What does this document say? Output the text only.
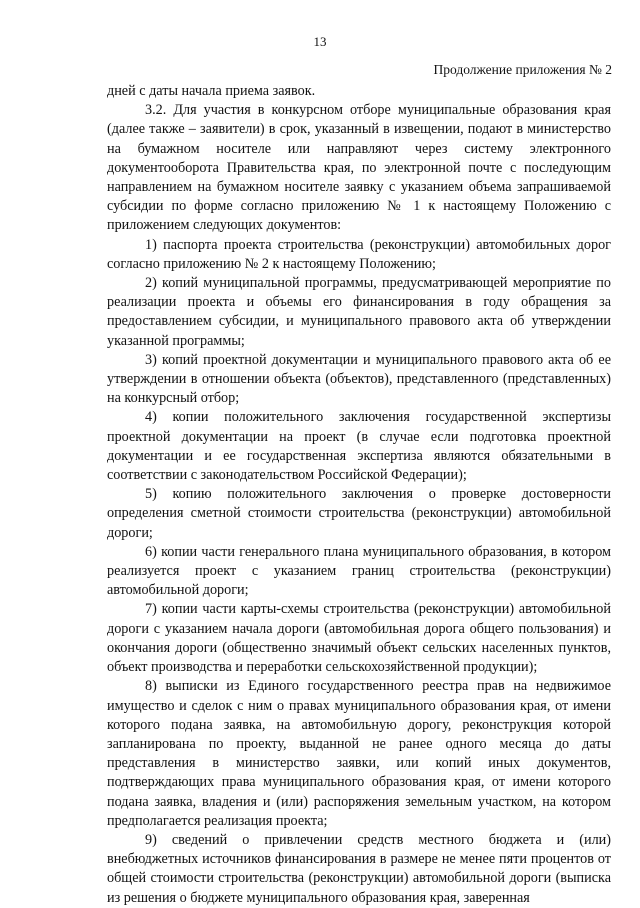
13
Продолжение приложения № 2

дней с даты начала приема заявок.

3.2. Для участия в конкурсном отборе муниципальные образования края (далее также – заявители) в срок, указанный в извещении, подают в министерство на бумажном носителе или направляют через систему электронного документооборота Правительства края, по электронной почте с последующим направлением на бумажном носителе заявку с указанием объема запрашиваемой субсидии по форме согласно приложению № 1 к настоящему Положению с приложением следующих документов:

1) паспорта проекта строительства (реконструкции) автомобильных дорог согласно приложению № 2 к настоящему Положению;

2) копий муниципальной программы, предусматривающей мероприятие по реализации проекта и объемы его финансирования в году обращения за предоставлением субсидии, и муниципального правового акта об утверждении указанной программы;

3) копий проектной документации и муниципального правового акта об ее утверждении в отношении объекта (объектов), представленного (представленных) на конкурсный отбор;

4) копии положительного заключения государственной экспертизы проектной документации на проект (в случае если подготовка проектной документации и ее государственная экспертиза являются обязательными в соответствии с законодательством Российской Федерации);

5) копию положительного заключения о проверке достоверности определения сметной стоимости строительства (реконструкции) автомобильной дороги;

6) копии части генерального плана муниципального образования, в котором реализуется проект с указанием границ строительства (реконструкции) автомобильной дороги;

7) копии части карты-схемы строительства (реконструкции) автомобильной дороги с указанием начала дороги (автомобильная дорога общего пользования) и окончания дороги (общественно значимый объект сельских населенных пунктов, объект производства и переработки сельскохозяйственной продукции);

8) выписки из Единого государственного реестра прав на недвижимое имущество и сделок с ним о правах муниципального образования края, от имени которого подана заявка, на автомобильную дорогу, реконструкция которой запланирована по проекту, выданной не ранее одного месяца до даты представления в министерство заявки, или копий иных документов, подтверждающих права муниципального образования края, от имени которого подана заявка, владения и (или) распоряжения земельным участком, на котором предполагается реализация проекта;

9) сведений о привлечении средств местного бюджета и (или) внебюджетных источников финансирования в размере не менее пяти процентов от общей стоимости строительства (реконструкции) автомобильной дороги (выписка из решения о бюджете муниципального образования края, заверенная
